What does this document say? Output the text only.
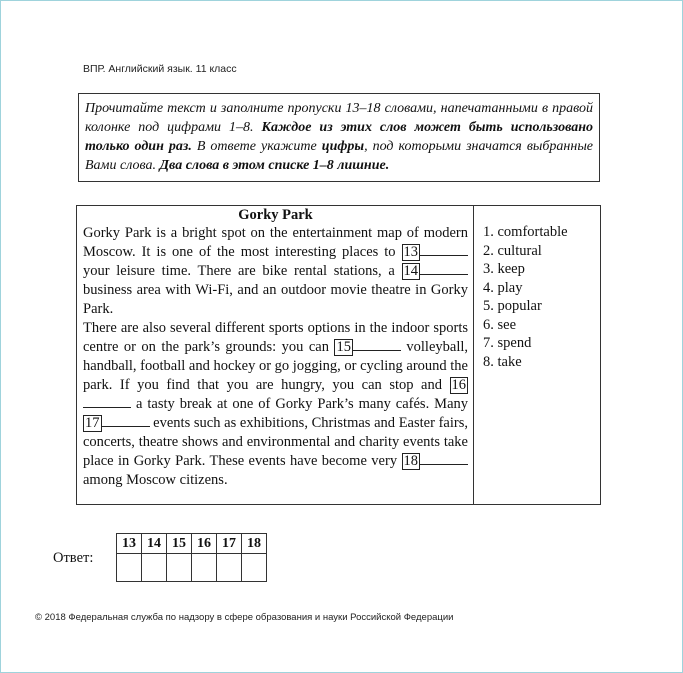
ВПР. Английский язык. 11 класс
Прочитайте текст и заполните пропуски 13–18 словами, напечатанными в правой колонке под цифрами 1–8. Каждое из этих слов может быть использовано только один раз. В ответе укажите цифры, под которыми значатся выбранные Вами слова. Два слова в этом списке 1–8 лишние.
Gorky Park

Gorky Park is a bright spot on the entertainment map of modern Moscow. It is one of the most interesting places to 13 your leisure time. There are bike rental stations, a 14 business area with Wi-Fi, and an outdoor movie theatre in Gorky Park.

There are also several different sports options in the indoor sports centre or on the park’s grounds: you can 15	volleyball, handball, football and hockey or go jogging, or cycling around the park. If you find that you are hungry, you can stop and 16 a tasty break at one of Gorky Park’s many cafés. Many 17	events such as exhibitions, Christmas and Easter fairs, concerts, theatre shows and environmental and charity events take place in Gorky Park. These events have become very 18 among Moscow citizens.

1. comfortable
2. cultural
3. keep
4. play
5. popular
6. see
7. spend
8. take
Ответ:
13	14	15	16	17	18

© 2018 Федеральная служба по надзору в сфере образования и науки Российской Федерации
